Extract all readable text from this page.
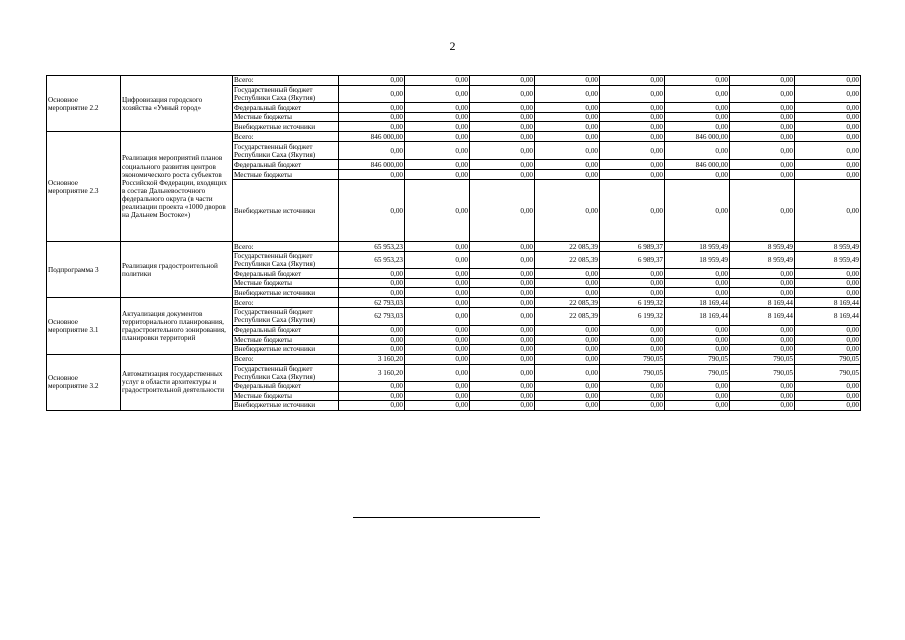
2
Основное мероприятие 2.2	Цифровизация городского хозяйства «Умный город»	Всего:	0,00	0,00	0,00	0,00	0,00	0,00	0,00	0,00
		Государственный бюджет Республики Саха (Якутия)	0,00	0,00	0,00	0,00	0,00	0,00	0,00	0,00
		Федеральный бюджет	0,00	0,00	0,00	0,00	0,00	0,00	0,00	0,00
		Местные бюджеты	0,00	0,00	0,00	0,00	0,00	0,00	0,00	0,00
		Внебюджетные источники	0,00	0,00	0,00	0,00	0,00	0,00	0,00	0,00
Основное мероприятие 2.3	Реализация мероприятий планов социального развития центров экономического роста субъектов Российской Федерации, входящих в состав Дальневосточного федерального округа (в части реализации проекта «1000 дворов на Дальнем Востоке»)	Всего:	846 000,00	0,00	0,00	0,00	0,00	846 000,00	0,00	0,00
		Государственный бюджет Республики Саха (Якутия)	0,00	0,00	0,00	0,00	0,00	0,00	0,00	0,00
		Федеральный бюджет	846 000,00	0,00	0,00	0,00	0,00	846 000,00	0,00	0,00
		Местные бюджеты	0,00	0,00	0,00	0,00	0,00	0,00	0,00	0,00
		Внебюджетные источники	0,00	0,00	0,00	0,00	0,00	0,00	0,00	0,00
Подпрограмма 3	Реализация градостроительной политики	Всего:	65 953,23	0,00	0,00	22 085,39	6 989,37	18 959,49	8 959,49	8 959,49
		Государственный бюджет Республики Саха (Якутия)	65 953,23	0,00	0,00	22 085,39	6 989,37	18 959,49	8 959,49	8 959,49
		Федеральный бюджет	0,00	0,00	0,00	0,00	0,00	0,00	0,00	0,00
		Местные бюджеты	0,00	0,00	0,00	0,00	0,00	0,00	0,00	0,00
		Внебюджетные источники	0,00	0,00	0,00	0,00	0,00	0,00	0,00	0,00
Основное мероприятие 3.1	Актуализация документов территориального планирования, градостроительного зонирования, планировки территорий	Всего:	62 793,03	0,00	0,00	22 085,39	6 199,32	18 169,44	8 169,44	8 169,44
		Государственный бюджет Республики Саха (Якутия)	62 793,03	0,00	0,00	22 085,39	6 199,32	18 169,44	8 169,44	8 169,44
		Федеральный бюджет	0,00	0,00	0,00	0,00	0,00	0,00	0,00	0,00
		Местные бюджеты	0,00	0,00	0,00	0,00	0,00	0,00	0,00	0,00
		Внебюджетные источники	0,00	0,00	0,00	0,00	0,00	0,00	0,00	0,00
Основное мероприятие 3.2	Автоматизация государственных услуг в области архитектуры и градостроительной деятельности	Всего:	3 160,20	0,00	0,00	0,00	790,05	790,05	790,05	790,05
		Государственный бюджет Республики Саха (Якутия)	3 160,20	0,00	0,00	0,00	790,05	790,05	790,05	790,05
		Федеральный бюджет	0,00	0,00	0,00	0,00	0,00	0,00	0,00	0,00
		Местные бюджеты	0,00	0,00	0,00	0,00	0,00	0,00	0,00	0,00
		Внебюджетные источники	0,00	0,00	0,00	0,00	0,00	0,00	0,00	0,00
